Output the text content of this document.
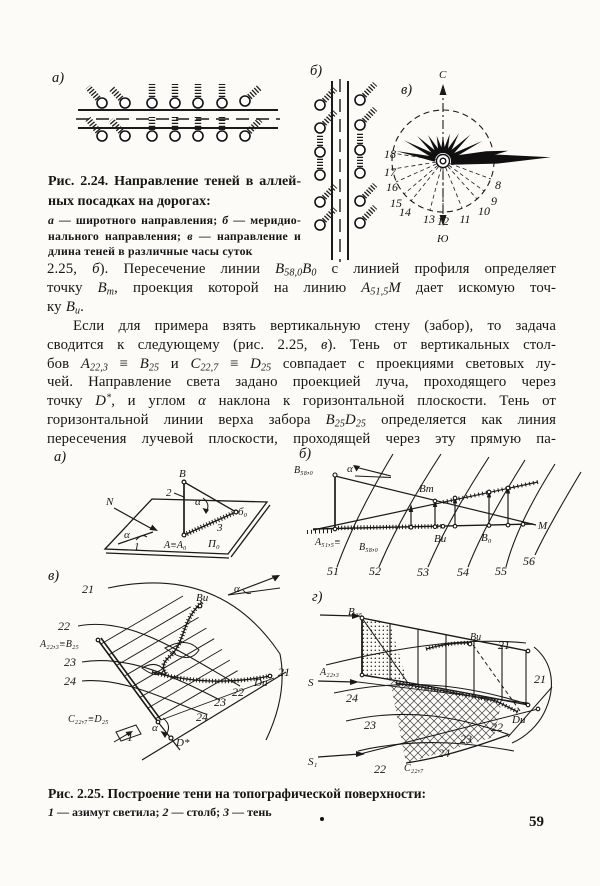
а)	б)
в)
С
Ю
18
17
16
15
14 13 12 11
10
9
8
Рис. 2.24. Направление теней в аллей-
ных посадках на дорогах:
а — широтного направления; б — меридио-
нального направления; в — направление и
длина теней в различные часы суток
2.25, б). Пересечение линии $B_{58,0}B_0$ с линией профиля определяет
точку $B_т$, проекция которой на линию $A_{51,5}M$ дает искомую точ-
ку $B_и$.
Если для примера взять вертикальную стену (забор), то задача
сводится к следующему (рис. 2.25, в). Тень от вертикальных стол-
бов $A_{22,3} \equiv B_{25}$ и $C_{22,7} \equiv D_{25}$ совпадает с проекциями световых лу-
чей. Направление света задано проекцией луча, проходящего через
точку D*, и углом α наклона к горизонтальной плоскости. Тень от
горизонтальной линии верха забора $B_{25}D_{25}$ определяется как линия
пересечения лучевой плоскости, проходящей через эту прямую па-
а)
N
α
1
B
2
α
б₀
3
A≡A₀ П₀
б)
B₅₈,₀	α
Bт
M
A₅₁,₅≡ B₅₈,₀
Bи	B₀
51	52	53 54 55
56
в)
21	α
Bи
22
A₂₂,₃≡B₂₅
23
24
C₂₂,₇≡D₂₅
α
1	D*
Dи
22
23
24
21
г)
B₂₅
Bи
21
21
S
A₂₂,₃
24
23
S₁	22 C₂₂,₇
24
23
22 Dи
Рис. 2.25. Построение тени на топографической поверхности:
1 — азимут светила; 2 — столб; 3 — тень
59
